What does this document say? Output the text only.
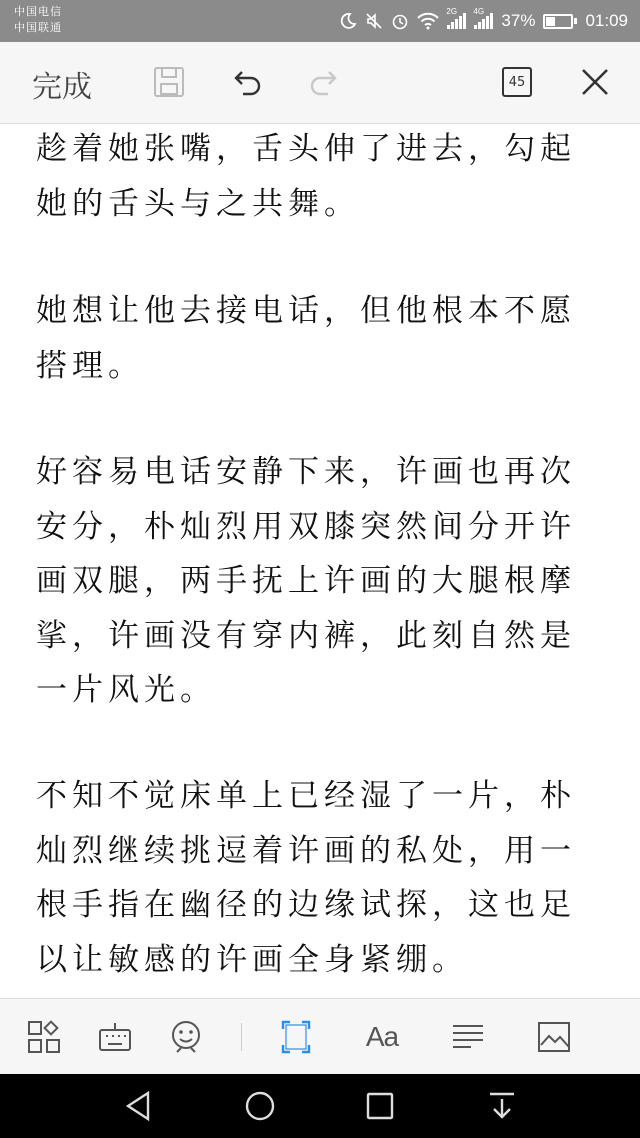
中国电信
中国联通
2G 4G 37%	01:09
完成	45

趁着她张嘴，舌头伸了进去，勾起她的舌头与之共舞。

她想让他去接电话，但他根本不愿搭理。

好容易电话安静下来，许画也再次安分，朴灿烈用双膝突然间分开许画双腿，两手抚上许画的大腿根摩挲，许画没有穿内裤，此刻自然是一片风光。

不知不觉床单上已经湿了一片，朴灿烈继续挑逗着许画的私处，用一根手指在幽径的边缘试探，这也足以让敏感的许画全身紧绷。

Aa
